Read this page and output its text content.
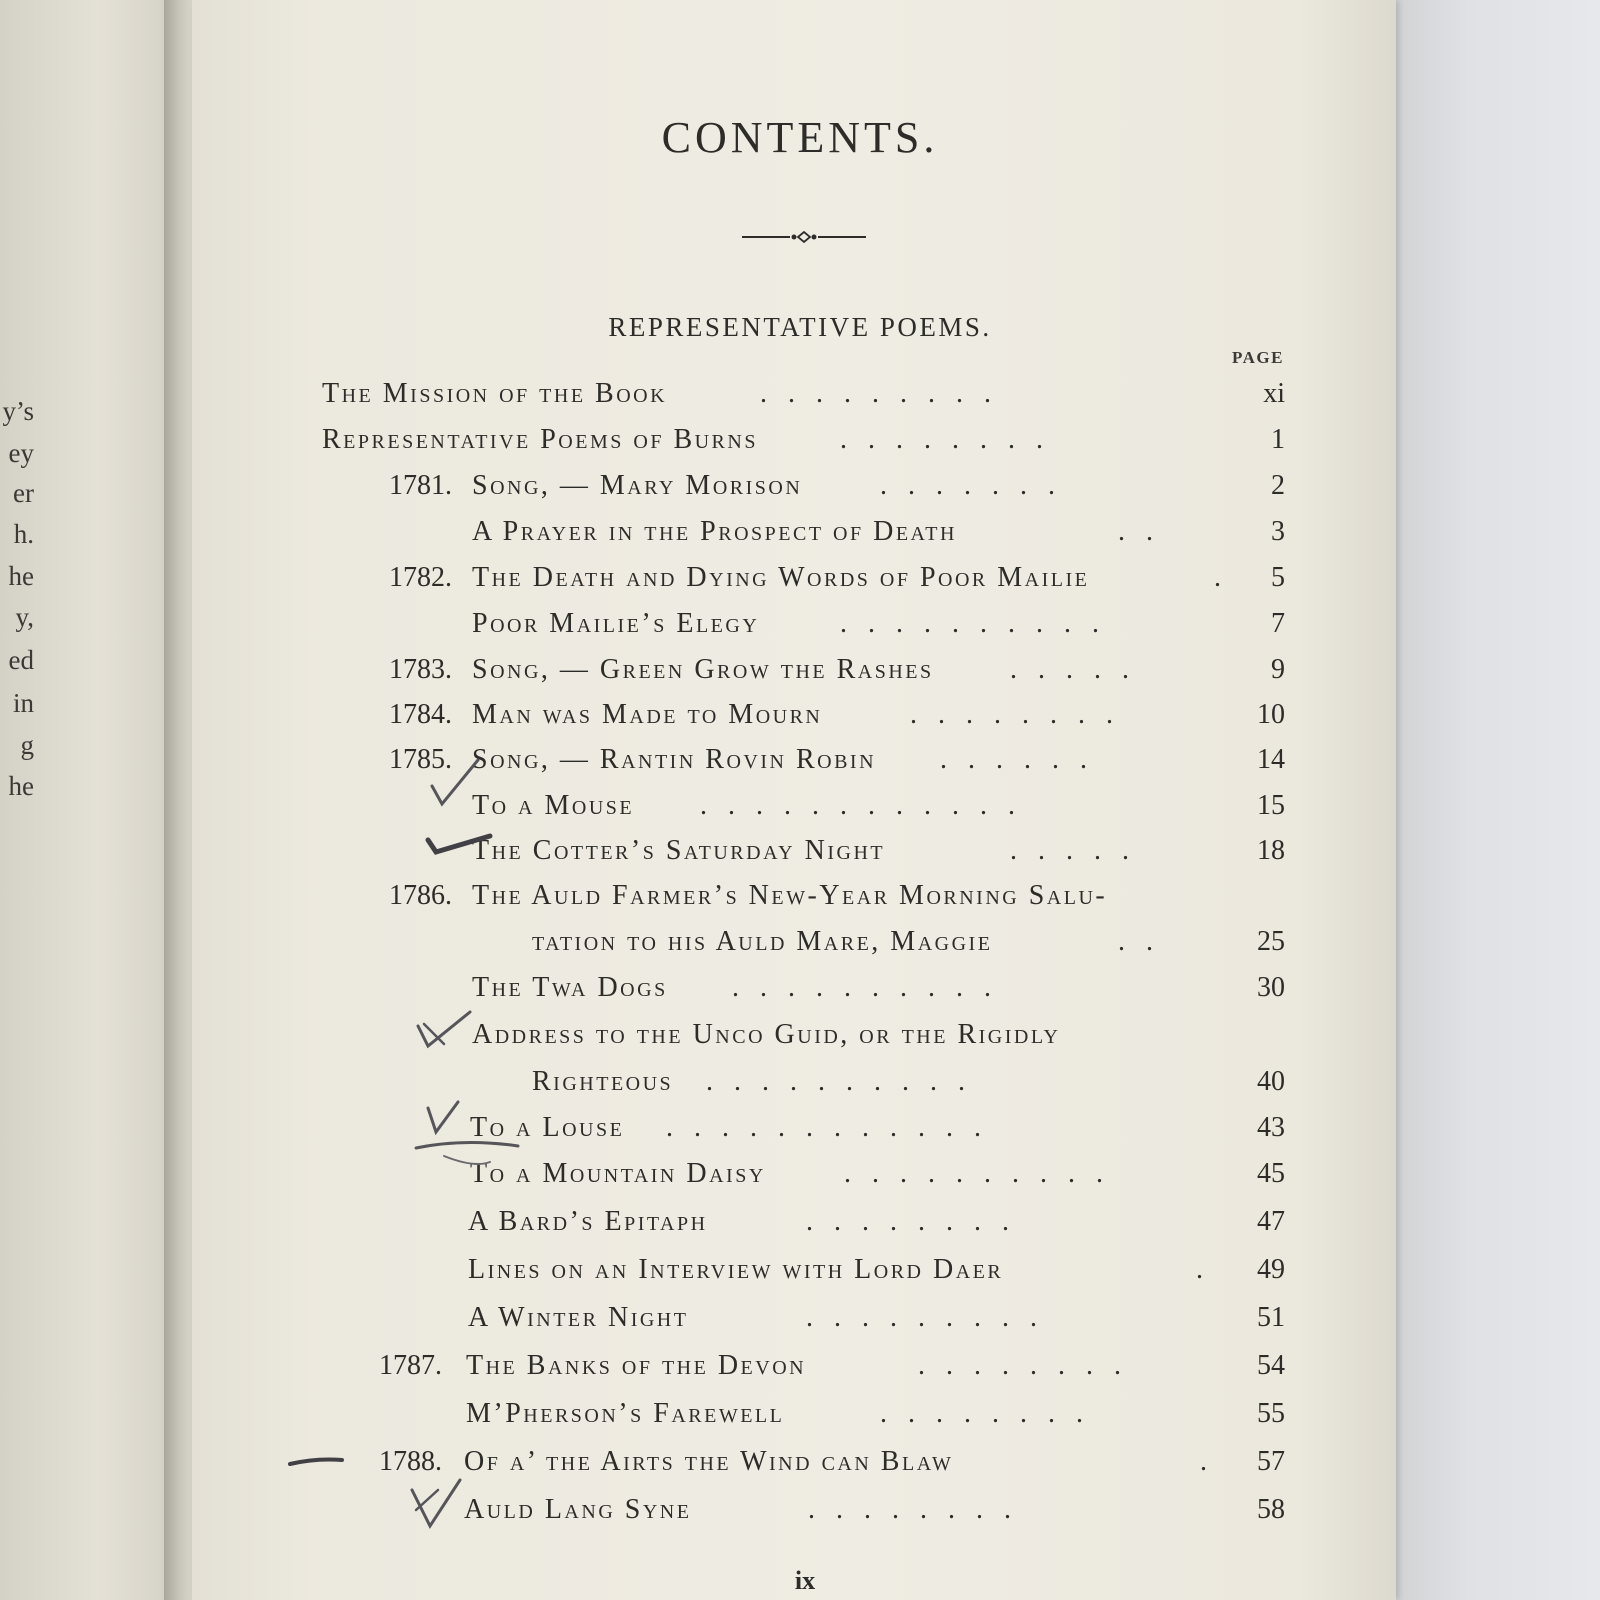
y’s
ey
er
h.
he
y,
ed
in
g
he
CONTENTS.
REPRESENTATIVE POEMS.
PAGE
The Mission of the Book	.........	xi
Representative Poems of Burns	........	1
1781. Song, — Mary Morison	.......	2
A Prayer in the Prospect of Death	..	3
1782. The Death and Dying Words of Poor Mailie	.	5
Poor Mailie’s Elegy	..........	7
1783. Song, — Green Grow the Rashes	.....	9
1784. Man was Made to Mourn	........	10
1785. Song, — Rantin Rovin Robin ......	14
To a Mouse ............	15
The Cotter’s Saturday Night	.....	18
1786. The Auld Farmer’s New-Year Morning Salu-
tation to his Auld Mare, Maggie	..	25
The Twa Dogs ..........	30
Address to the Unco Guid, or the Rigidly
Righteous ..........	40
To a Louse ............	43
To a Mountain Daisy	..........	45
A Bard’s Epitaph	........	47
Lines on an Interview with Lord Daer	.	49
A Winter Night	.........	51
1787. The Banks of the Devon	........	54
M’Pherson’s Farewell	........	55
1788. Of a’ the Airts the Wind can Blaw	.	57
Auld Lang Syne	........	58
ix
